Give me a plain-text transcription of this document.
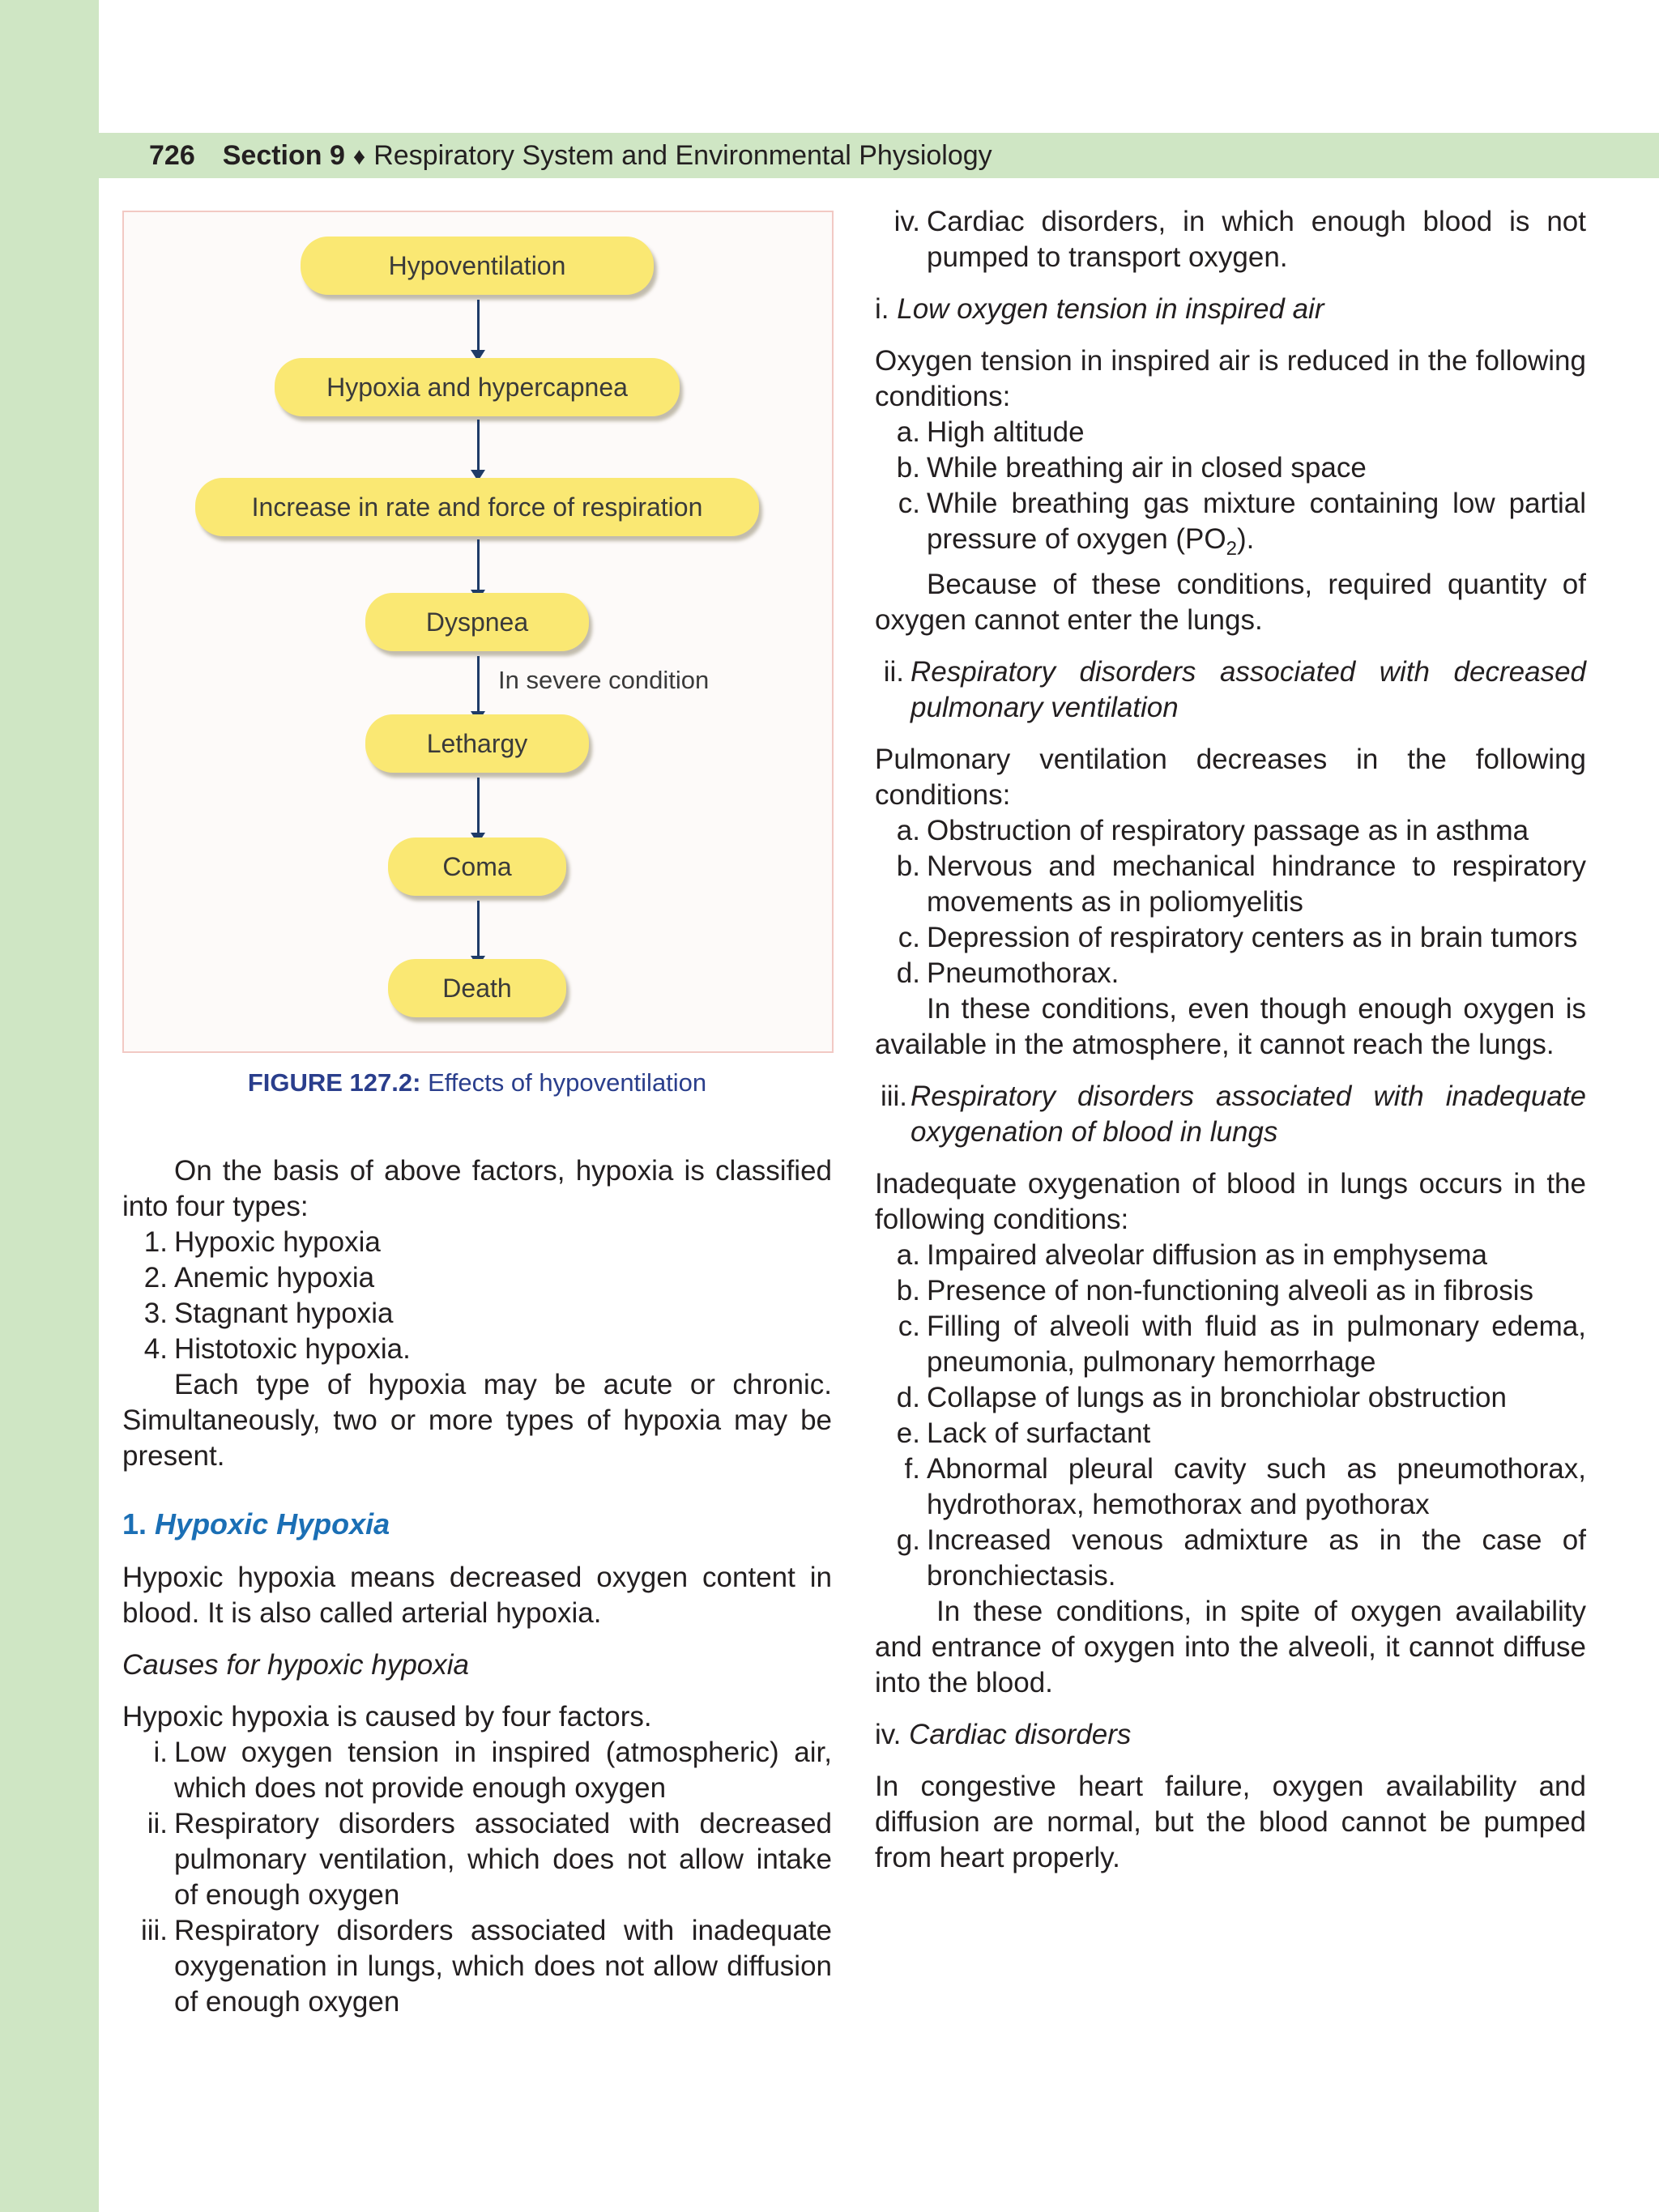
726 Section 9 ♦ Respiratory System and Environmental Physiology
Hypoventilation
Hypoxia and hypercapnea
Increase in rate and force of respiration
Dyspnea
In severe condition
Lethargy
Coma
Death
FIGURE 127.2: Effects of hypoventilation

On the basis of above factors, hypoxia is classified into four types:

1. Hypoxic hypoxia
2. Anemic hypoxia
3. Stagnant hypoxia
4. Histotoxic hypoxia.

Each type of hypoxia may be acute or chronic. Simultaneously, two or more types of hypoxia may be present.

1. Hypoxic Hypoxia

Hypoxic hypoxia means decreased oxygen content in blood. It is also called arterial hypoxia.

Causes for hypoxic hypoxia

Hypoxic hypoxia is caused by four factors.

i. Low oxygen tension in inspired (atmospheric) air, which does not provide enough oxygen
ii. Respiratory disorders associated with decreased pulmonary ventilation, which does not allow intake of enough oxygen
iii. Respiratory disorders associated with inadequate oxygenation in lungs, which does not allow diffusion of enough oxygen
iv. Cardiac disorders, in which enough blood is not pumped to transport oxygen.

i. Low oxygen tension in inspired air

Oxygen tension in inspired air is reduced in the following conditions:

a. High altitude
b. While breathing air in closed space
c. While breathing gas mixture containing low partial pressure of oxygen $(PO_2)$.

Because of these conditions, required quantity of oxygen cannot enter the lungs.

ii. Respiratory disorders associated with decreased pulmonary ventilation

Pulmonary ventilation decreases in the following conditions:

a. Obstruction of respiratory passage as in asthma
b. Nervous and mechanical hindrance to respiratory movements as in poliomyelitis
c. Depression of respiratory centers as in brain tumors
d. Pneumothorax.

In these conditions, even though enough oxygen is available in the atmosphere, it cannot reach the lungs.

iii. Respiratory disorders associated with inadequate oxygenation of blood in lungs

Inadequate oxygenation of blood in lungs occurs in the following conditions:

a. Impaired alveolar diffusion as in emphysema
b. Presence of non-functioning alveoli as in fibrosis
c. Filling of alveoli with fluid as in pulmonary edema, pneumonia, pulmonary hemorrhage
d. Collapse of lungs as in bronchiolar obstruction
e. Lack of surfactant
f. Abnormal pleural cavity such as pneumothorax, hydrothorax, hemothorax and pyothorax
g. Increased venous admixture as in the case of bronchiectasis.

In these conditions, in spite of oxygen availability and entrance of oxygen into the alveoli, it cannot diffuse into the blood.

iv. Cardiac disorders

In congestive heart failure, oxygen availability and diffusion are normal, but the blood cannot be pumped from heart properly.
